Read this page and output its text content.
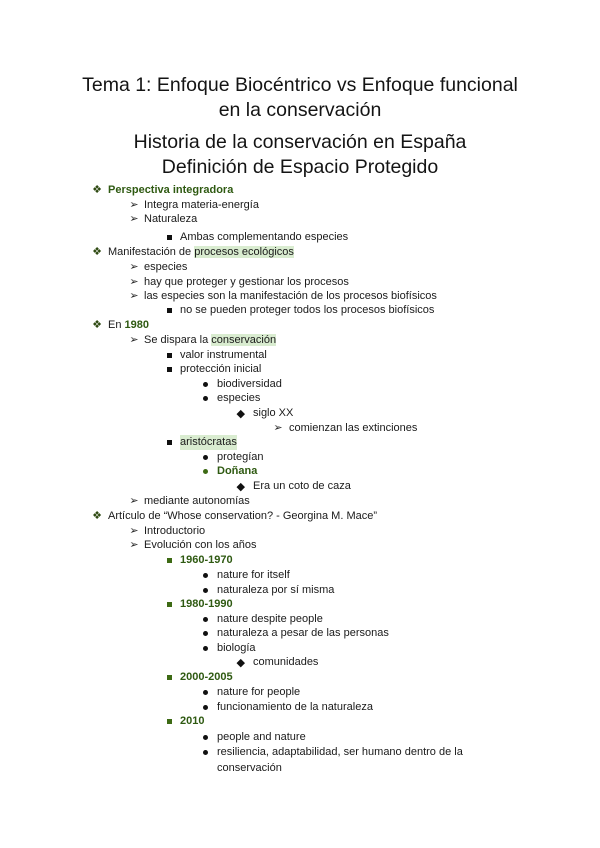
Tema 1: Enfoque Biocéntrico vs Enfoque funcional
en la conservación
Historia de la conservación en España
Definición de Espacio Protegido
❖ Perspectiva integradora
➢ Integra materia-energía
➢ Naturaleza
Ambas complementando especies
❖ Manifestación de procesos ecológicos
➢ especies
➢ hay que proteger y gestionar los procesos
➢ las especies son la manifestación de los procesos biofísicos
no se pueden proteger todos los procesos biofísicos
❖ En 1980
➢ Se dispara la conservación
valor instrumental
protección inicial
biodiversidad
especies
siglo XX
➢ comienzan las extinciones
aristócratas
protegían
Doñana
Era un coto de caza
➢ mediante autonomías
❖ Artículo de “Whose conservation? - Georgina M. Mace”
➢ Introductorio
➢ Evolución con los años
1960-1970
nature for itself
naturaleza por sí misma
1980-1990
nature despite people
naturaleza a pesar de las personas
biología
comunidades
2000-2005
nature for people
funcionamiento de la naturaleza
2010
people and nature
resiliencia, adaptabilidad, ser humano dentro de la
conservación
